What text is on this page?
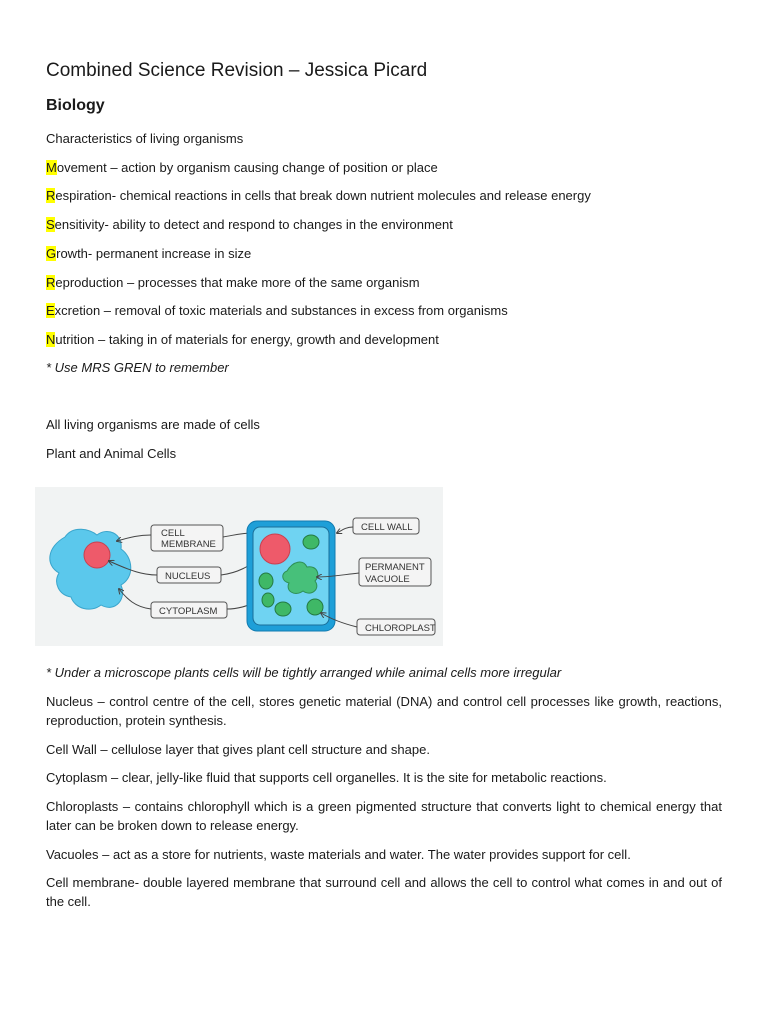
Combined Science Revision – Jessica Picard
Biology

Characteristics of living organisms

Movement – action by organism causing change of position or place

Respiration- chemical reactions in cells that break down nutrient molecules and release energy

Sensitivity- ability to detect and respond to changes in the environment

Growth- permanent increase in size

Reproduction – processes that make more of the same organism

Excretion – removal of toxic materials and substances in excess from organisms

Nutrition – taking in of materials for energy, growth and development

* Use MRS GREN to remember

All living organisms are made of cells

Plant and Animal Cells

CELL
MEMBRANE
NUCLEUS
CYTOPLASM
CELL WALL
PERMANENT
VACUOLE
CHLOROPLAST

* Under a microscope plants cells will be tightly arranged while animal cells more irregular

Nucleus – control centre of the cell, stores genetic material (DNA) and control cell processes like growth, reactions, reproduction, protein synthesis.

Cell Wall – cellulose layer that gives plant cell structure and shape.

Cytoplasm – clear, jelly-like fluid that supports cell organelles. It is the site for metabolic reactions.

Chloroplasts – contains chlorophyll which is a green pigmented structure that converts light to chemical energy that later can be broken down to release energy.

Vacuoles – act as a store for nutrients, waste materials and water. The water provides support for cell.

Cell membrane- double layered membrane that surround cell and allows the cell to control what comes in and out of the cell.
